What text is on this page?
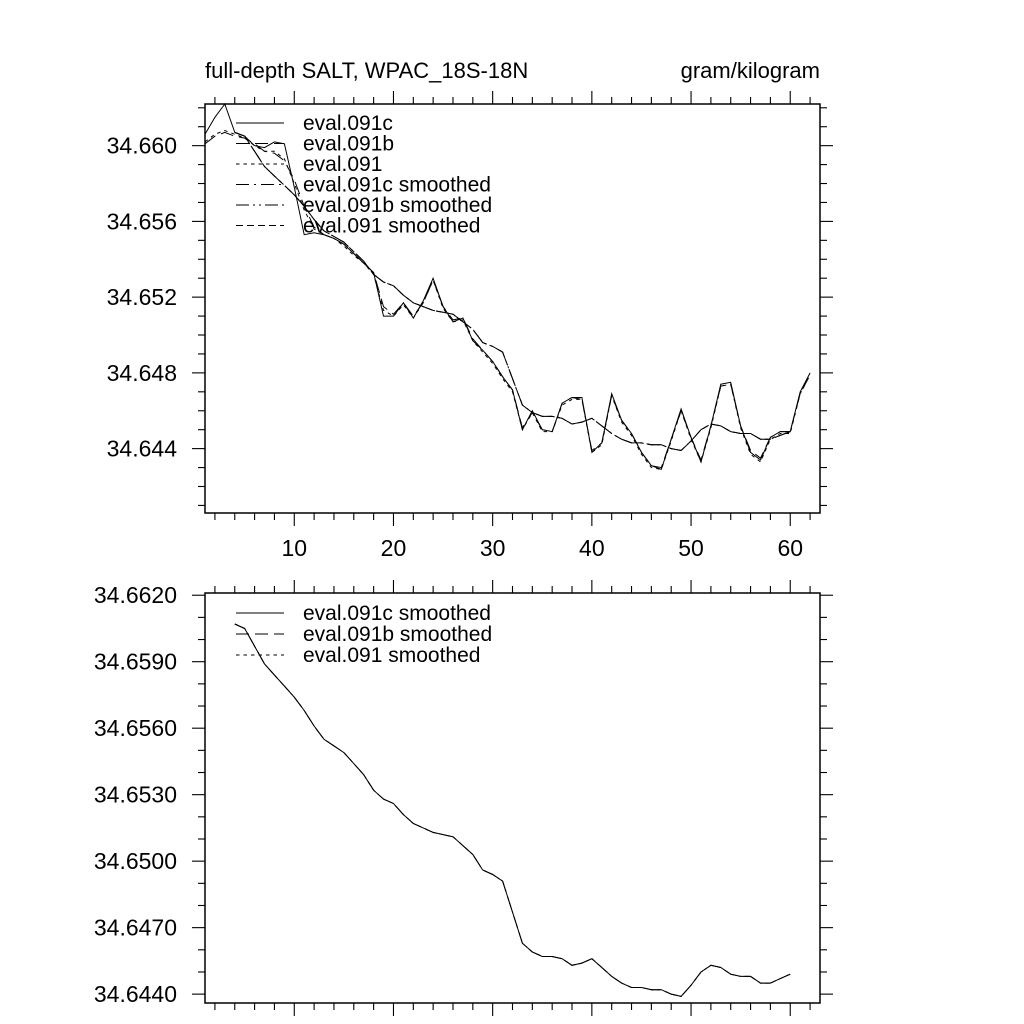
full-depth SALT, WPAC_18S-18N	gram/kilogram
10	20	30	40	50	60
34.660
34.656
34.652
34.648
34.644
eval.091c
eval.091b
eval.091
eval.091c smoothed
eval.091b smoothed
eval.091 smoothed
34.6620
34.6590
34.6560
34.6530
34.6500
34.6470
34.6440
eval.091c smoothed
eval.091b smoothed
eval.091 smoothed
